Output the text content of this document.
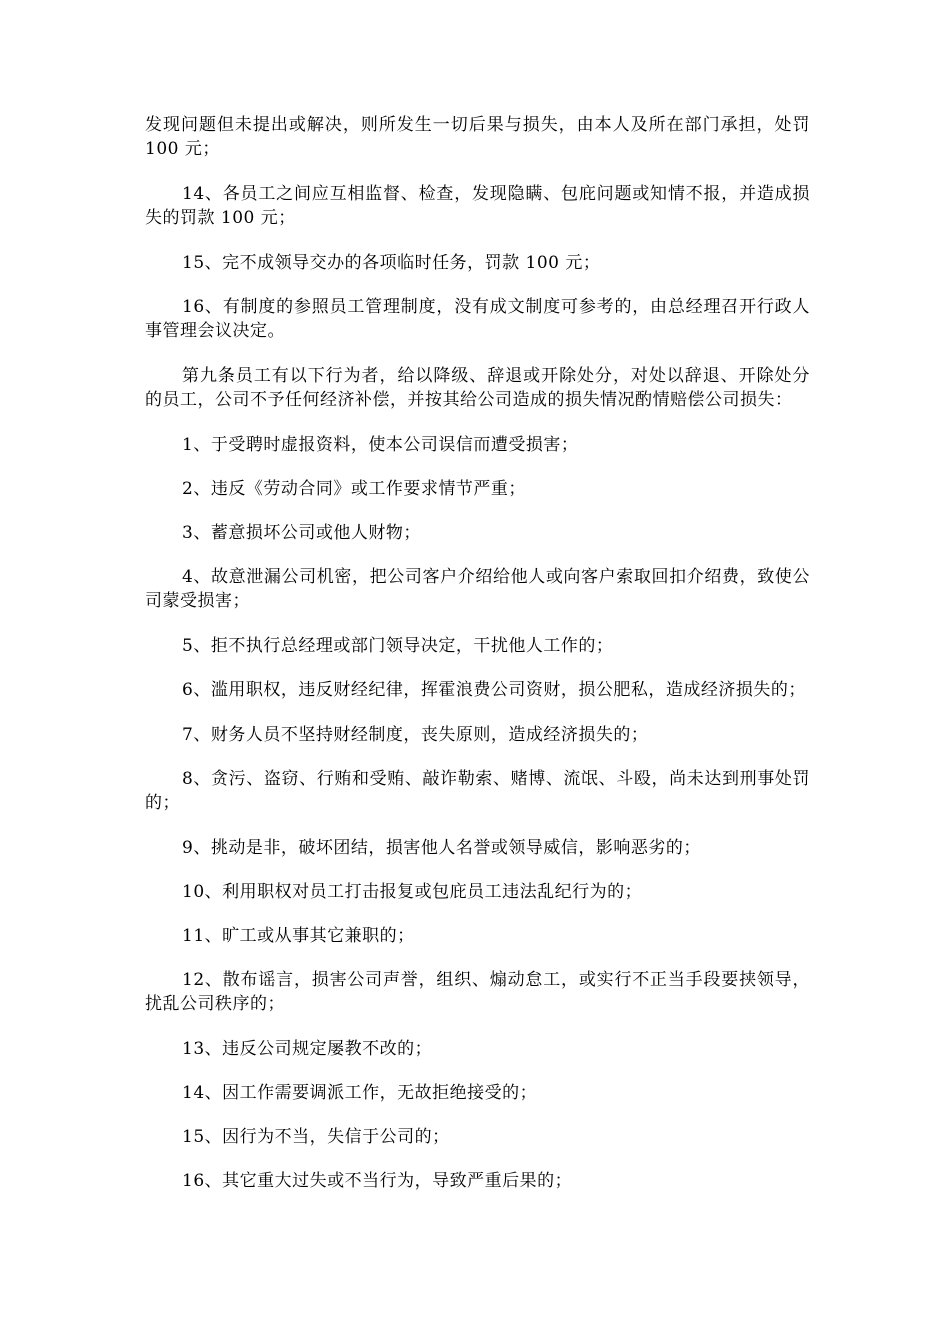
发现问题但未提出或解决，则所发生一切后果与损失，由本人及所在部门承担，处罚 100 元；

14、各员工之间应互相监督、检查，发现隐瞒、包庇问题或知情不报，并造成损失的罚款 100 元；

15、完不成领导交办的各项临时任务，罚款 100 元；

16、有制度的参照员工管理制度，没有成文制度可参考的，由总经理召开行政人事管理会议决定。

第九条员工有以下行为者，给以降级、辞退或开除处分，对处以辞退、开除处分的员工，公司不予任何经济补偿，并按其给公司造成的损失情况酌情赔偿公司损失：

1、于受聘时虚报资料，使本公司误信而遭受损害；

2、违反《劳动合同》或工作要求情节严重；

3、蓄意损坏公司或他人财物；

4、故意泄漏公司机密，把公司客户介绍给他人或向客户索取回扣介绍费，致使公司蒙受损害；

5、拒不执行总经理或部门领导决定，干扰他人工作的；

6、滥用职权，违反财经纪律，挥霍浪费公司资财，损公肥私，造成经济损失的；

7、财务人员不坚持财经制度，丧失原则，造成经济损失的；

8、贪污、盗窃、行贿和受贿、敲诈勒索、赌博、流氓、斗殴，尚未达到刑事处罚的；

9、挑动是非，破坏团结，损害他人名誉或领导威信，影响恶劣的；

10、利用职权对员工打击报复或包庇员工违法乱纪行为的；

11、旷工或从事其它兼职的；

12、散布谣言，损害公司声誉，组织、煽动怠工，或实行不正当手段要挟领导，扰乱公司秩序的；

13、违反公司规定屡教不改的；

14、因工作需要调派工作，无故拒绝接受的；

15、因行为不当，失信于公司的；

16、其它重大过失或不当行为，导致严重后果的；
